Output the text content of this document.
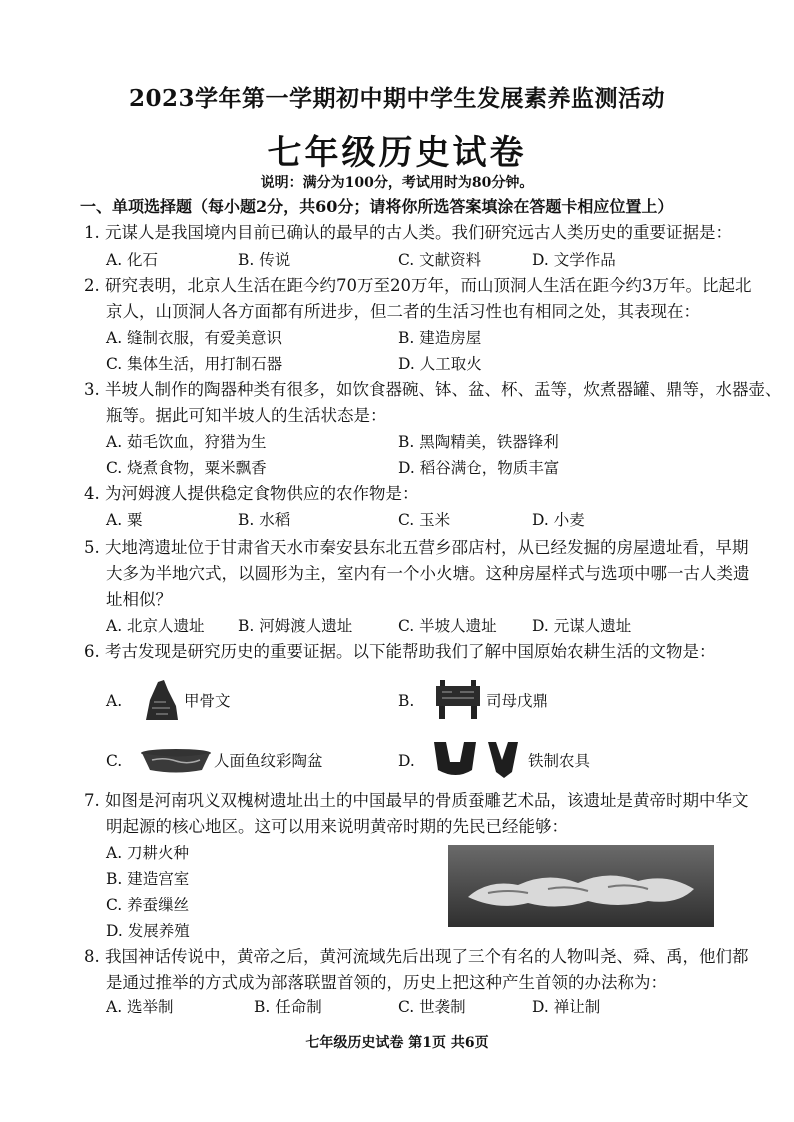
2023学年第一学期初中期中学生发展素养监测活动
七年级历史试卷
说明：满分为100分，考试用时为80分钟。
一、单项选择题（每小题2分，共60分；请将你所选答案填涂在答题卡相应位置上）
1. 元谋人是我国境内目前已确认的最早的古人类。我们研究远古人类历史的重要证据是：
A. 化石	B. 传说	C. 文献资料	D. 文学作品
2. 研究表明，北京人生活在距今约70万至20万年，而山顶洞人生活在距今约3万年。比起北
京人，山顶洞人各方面都有所进步，但二者的生活习性也有相同之处，其表现在：
A. 缝制衣服，有爱美意识	B. 建造房屋
C. 集体生活，用打制石器	D. 人工取火
3. 半坡人制作的陶器种类有很多，如饮食器碗、钵、盆、杯、盂等，炊煮器罐、鼎等，水器壶、
瓶等。据此可知半坡人的生活状态是：
A. 茹毛饮血，狩猎为生	B. 黑陶精美，铁器锋利
C. 烧煮食物，粟米飘香	D. 稻谷满仓，物质丰富
4. 为河姆渡人提供稳定食物供应的农作物是：
A. 粟	B. 水稻	C. 玉米	D. 小麦
5. 大地湾遗址位于甘肃省天水市秦安县东北五营乡邵店村，从已经发掘的房屋遗址看，早期
大多为半地穴式，以圆形为主，室内有一个小火塘。这种房屋样式与选项中哪一古人类遗
址相似？
A. 北京人遗址 B. 河姆渡人遗址	C. 半坡人遗址 D. 元谋人遗址
6. 考古发现是研究历史的重要证据。以下能帮助我们了解中国原始农耕生活的文物是：
A.	甲骨文	B.	司母戊鼎
C.	人面鱼纹彩陶盆	D.	铁制农具
7. 如图是河南巩义双槐树遗址出土的中国最早的骨质蚕雕艺术品，该遗址是黄帝时期中华文
明起源的核心地区。这可以用来说明黄帝时期的先民已经能够：
A. 刀耕火种
B. 建造宫室
C. 养蚕缫丝
D. 发展养殖
8. 我国神话传说中，黄帝之后，黄河流域先后出现了三个有名的人物叫尧、舜、禹，他们都
是通过推举的方式成为部落联盟首领的，历史上把这种产生首领的办法称为：
A. 选举制	B. 任命制	C. 世袭制	D. 禅让制
七年级历史试卷 第1页 共6页
